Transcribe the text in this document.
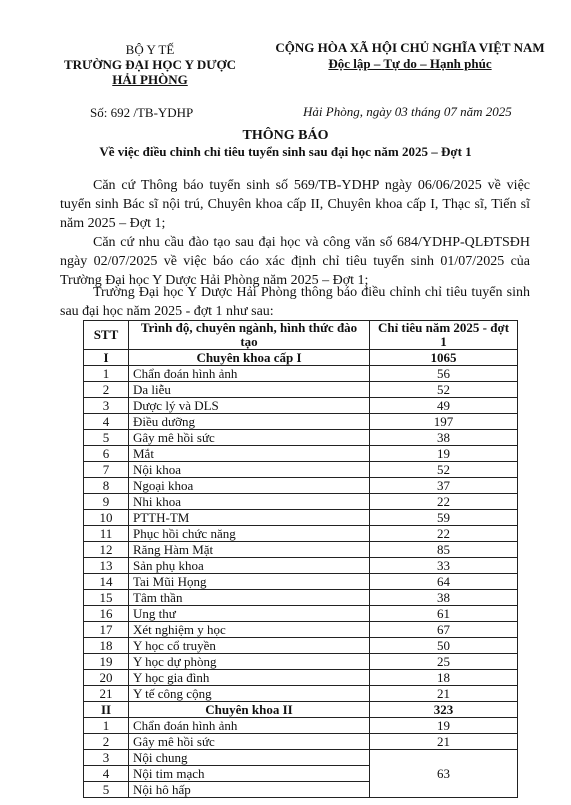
BỘ Y TẾ
TRƯỜNG ĐẠI HỌC Y DƯỢC
HẢI PHÒNG
Số: 692 /TB-YDHP
CỘNG HÒA XÃ HỘI CHỦ NGHĨA VIỆT NAM
Độc lập – Tự do – Hạnh phúc
Hải Phòng, ngày 03 tháng 07 năm 2025
THÔNG BÁO
Về việc điều chỉnh chỉ tiêu tuyển sinh sau đại học năm 2025 – Đợt 1
Căn cứ Thông báo tuyển sinh số 569/TB-YDHP ngày 06/06/2025 về việc tuyển sinh Bác sĩ nội trú, Chuyên khoa cấp II, Chuyên khoa cấp I, Thạc sĩ, Tiến sĩ năm 2025 – Đợt 1;
Căn cứ nhu cầu đào tạo sau đại học và công văn số 684/YDHP-QLĐTSĐH ngày 02/07/2025 về việc báo cáo xác định chỉ tiêu tuyển sinh 01/07/2025 của Trường Đại học Y Dược Hải Phòng năm 2025 – Đợt 1;
Trường Đại học Y Dược Hải Phòng thông báo điều chỉnh chỉ tiêu tuyển sinh sau đại học năm 2025 - đợt 1 như sau:
STT	Trình độ, chuyên ngành, hình thức đào tạo	Chỉ tiêu năm 2025 - đợt 1
I	Chuyên khoa cấp I	1065
1	Chẩn đoán hình ảnh	56
2	Da liễu	52
3	Dược lý và DLS	49
4	Điều dưỡng	197
5	Gây mê hồi sức	38
6	Mắt	19
7	Nội khoa	52
8	Ngoại khoa	37
9	Nhi khoa	22
10	PTTH-TM	59
11	Phục hồi chức năng	22
12	Răng Hàm Mặt	85
13	Sản phụ khoa	33
14	Tai Mũi Họng	64
15	Tâm thần	38
16	Ung thư	61
17	Xét nghiệm y học	67
18	Y học cổ truyền	50
19	Y học dự phòng	25
20	Y học gia đình	18
21	Y tế công cộng	21
II	Chuyên khoa II	323
1	Chẩn đoán hình ảnh	19
2	Gây mê hồi sức	21
3	Nội chung	63
4	Nội tim mạch	
5	Nội hô hấp	
